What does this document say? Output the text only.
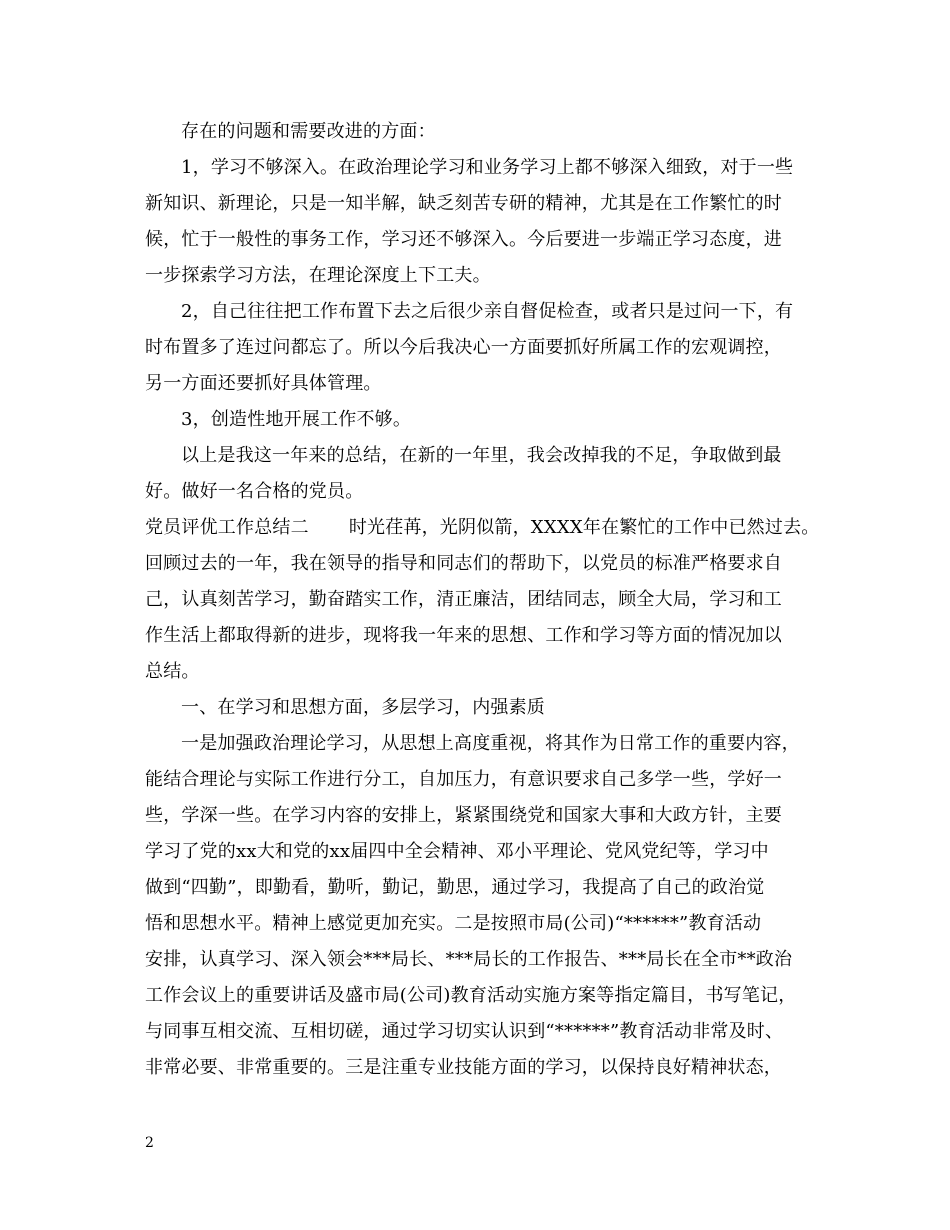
存在的问题和需要改进的方面：
1，学习不够深入。在政治理论学习和业务学习上都不够深入细致，对于一些
新知识、新理论，只是一知半解，缺乏刻苦专研的精神，尤其是在工作繁忙的时
候，忙于一般性的事务工作，学习还不够深入。今后要进一步端正学习态度，进
一步探索学习方法，在理论深度上下工夫。
2，自己往往把工作布置下去之后很少亲自督促检查，或者只是过问一下，有
时布置多了连过问都忘了。所以今后我决心一方面要抓好所属工作的宏观调控，
另一方面还要抓好具体管理。
3，创造性地开展工作不够。
以上是我这一年来的总结，在新的一年里，我会改掉我的不足，争取做到最
好。做好一名合格的党员。
党员评优工作总结二 时光荏苒，光阴似箭，XXXX年在繁忙的工作中已然过去。
回顾过去的一年，我在领导的指导和同志们的帮助下，以党员的标准严格要求自
己，认真刻苦学习，勤奋踏实工作，清正廉洁，团结同志，顾全大局，学习和工
作生活上都取得新的进步，现将我一年来的思想、工作和学习等方面的情况加以
总结。
一、在学习和思想方面，多层学习，内强素质
一是加强政治理论学习，从思想上高度重视，将其作为日常工作的重要内容，
能结合理论与实际工作进行分工，自加压力，有意识要求自己多学一些，学好一
些，学深一些。在学习内容的安排上，紧紧围绕党和国家大事和大政方针，主要
学习了党的xx大和党的xx届四中全会精神、邓小平理论、党风党纪等，学习中
做到“四勤”，即勤看，勤听，勤记，勤思，通过学习，我提高了自己的政治觉
悟和思想水平。精神上感觉更加充实。二是按照市局(公司)“******”教育活动
安排，认真学习、深入领会***局长、***局长的工作报告、***局长在全市**政治
工作会议上的重要讲话及盛市局(公司)教育活动实施方案等指定篇目，书写笔记，
与同事互相交流、互相切磋，通过学习切实认识到“******”教育活动非常及时、
非常必要、非常重要的。三是注重专业技能方面的学习，以保持良好精神状态，
2
